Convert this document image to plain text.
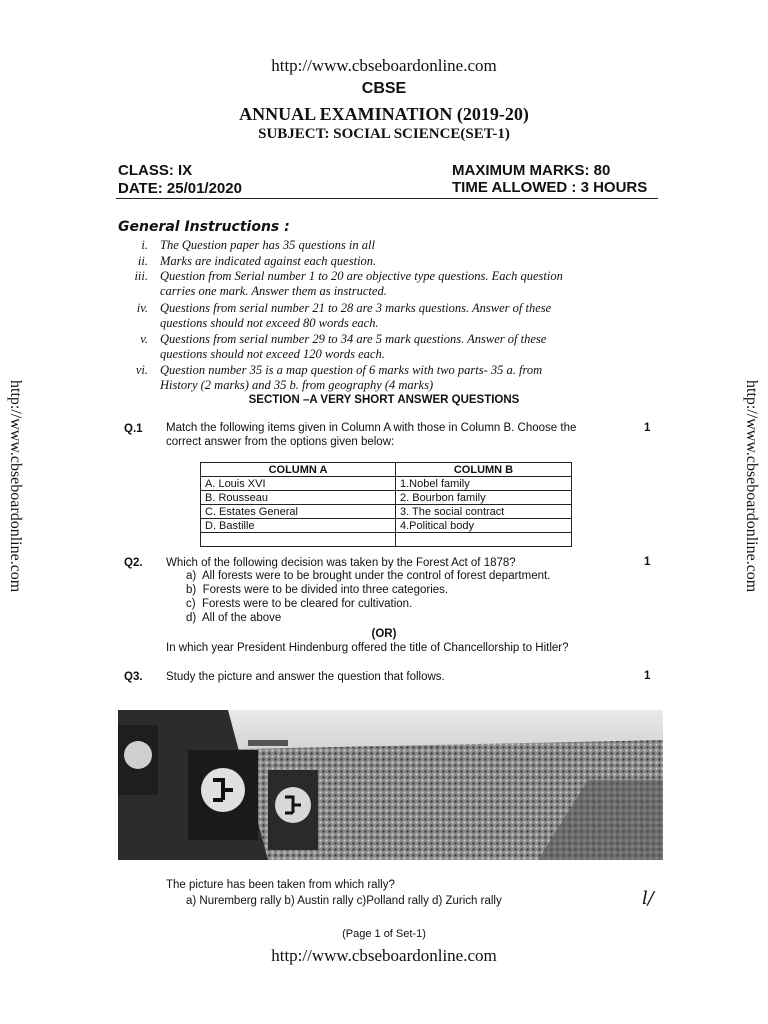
http://www.cbseboardonline.com
CBSE
ANNUAL EXAMINATION (2019-20)
SUBJECT: SOCIAL SCIENCE(SET-1)
CLASS: IX
DATE: 25/01/2020
MAXIMUM MARKS: 80
TIME ALLOWED : 3 HOURS
http://www.cbseboardonline.com	http://www.cbseboardonline.com
General Instructions :
i. The Question paper has 35 questions in all
ii. Marks are indicated against each question.
iii. Question from Serial number 1 to 20 are objective type questions. Each question
carries one mark. Answer them as instructed.
iv. Questions from serial number 21 to 28 are 3 marks questions. Answer of these
questions should not exceed 80 words each.
v. Questions from serial number 29 to 34 are 5 mark questions. Answer of these
questions should not exceed 120 words each.
vi. Question number 35 is a map question of 6 marks with two parts- 35 a. from
History (2 marks) and 35 b. from geography (4 marks)
SECTION –A VERY SHORT ANSWER QUESTIONS
Q.1 Match the following items given in Column A with those in Column B. Choose the
correct answer from the options given below:
1
COLUMN A	COLUMN B
A. Louis XVI	1.Nobel family
B. Rousseau	2. Bourbon family
C. Estates General	3. The social contract
D. Bastille	4.Political body

Q2. Which of the following decision was taken by the Forest Act of 1878?	1
a) All forests were to be brought under the control of forest department.
b) Forests were to be divided into three categories.
c) Forests were to be cleared for cultivation.
d) All of the above
(OR)
In which year President Hindenburg offered the title of Chancellorship to Hitler?
Q3. Study the picture and answer the question that follows.	1
The picture has been taken from which rally?
a) Nuremberg rally b) Austin rally c)Polland rally d) Zurich rally	l/
(Page 1 of Set-1)
http://www.cbseboardonline.com
